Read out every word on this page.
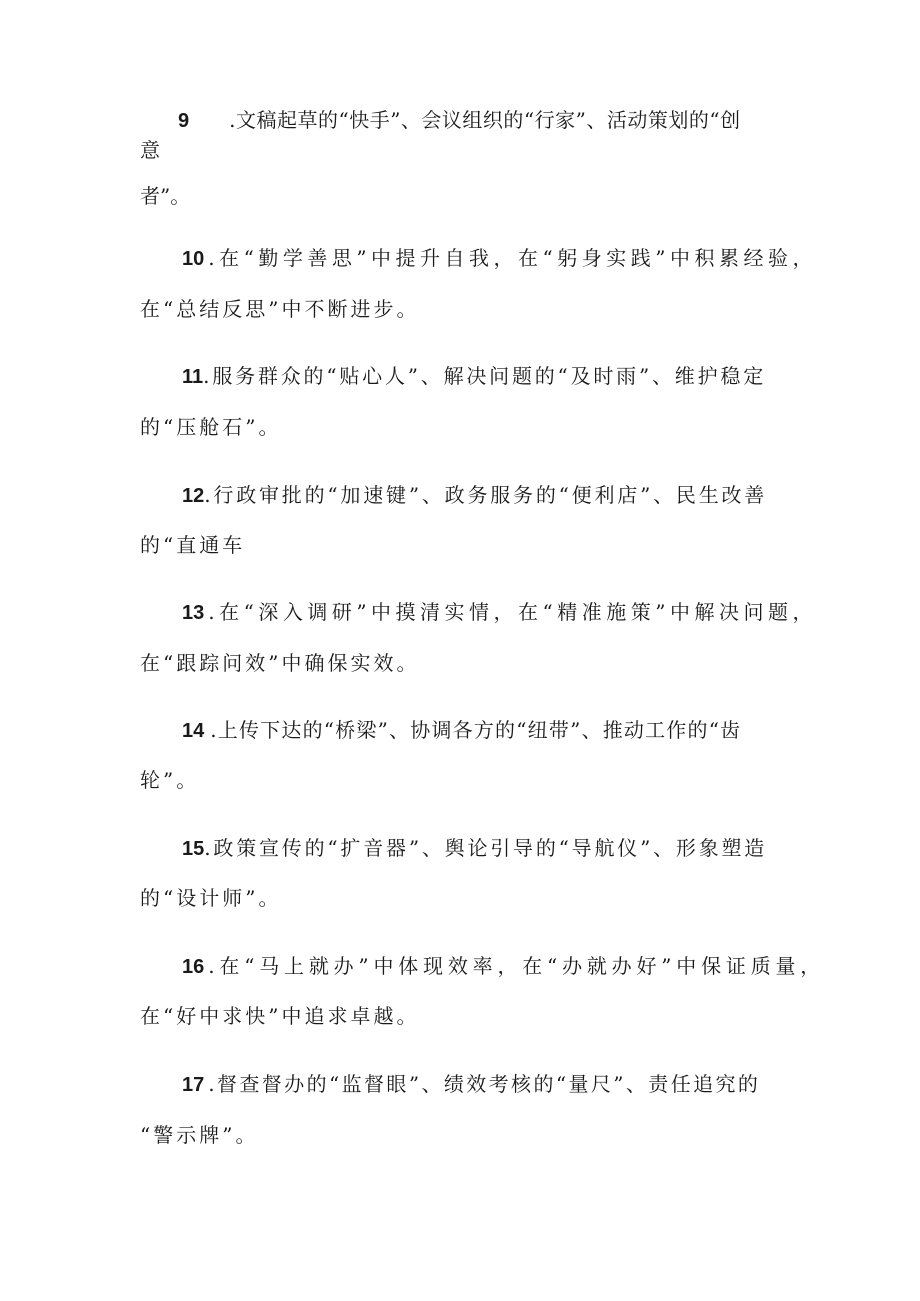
9 .文稿起草的“快手”、会议组织的“行家”、活动策划的“创
意
者”。
10 .在“勤学善思”中提升自我，在“躬身实践”中积累经验，
在“总结反思”中不断进步。
11.服务群众的“贴心人”、解决问题的“及时雨”、维护稳定
的“压舱石”。
12.行政审批的“加速键”、政务服务的“便利店”、民生改善
的“直通车
13 .在“深入调研”中摸清实情，在“精准施策”中解决问题，
在“跟踪问效”中确保实效。
14 .上传下达的“桥梁”、协调各方的“纽带”、推动工作的“齿
轮”。
15.政策宣传的“扩音器”、舆论引导的“导航仪”、形象塑造
的“设计师”。
16 .在“马上就办”中体现效率，在“办就办好”中保证质量，
在“好中求快”中追求卓越。
17 .督查督办的“监督眼”、绩效考核的“量尺”、责任追究的
“警示牌”。
